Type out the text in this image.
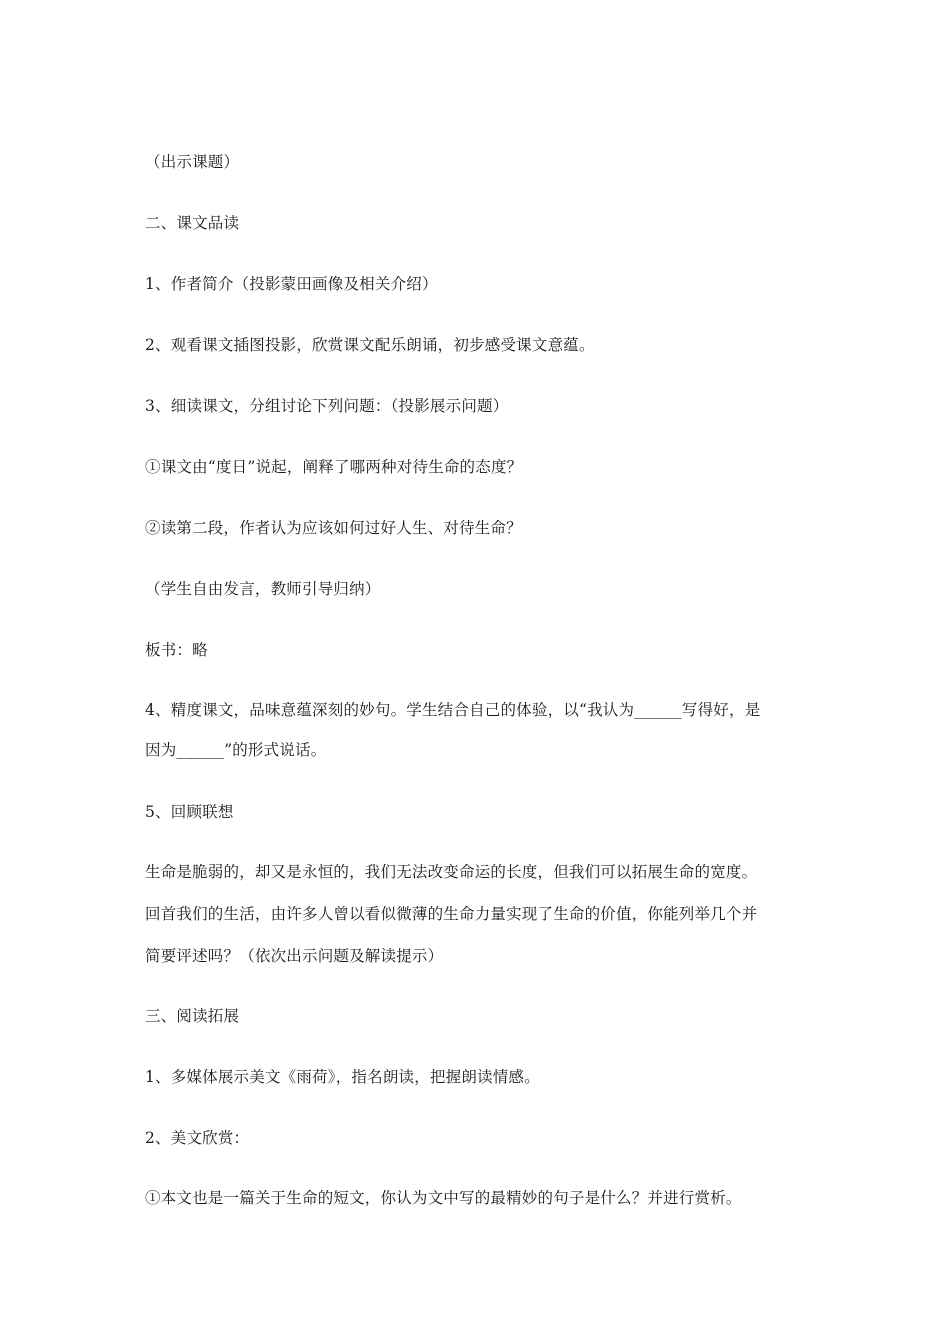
（出示课题）
二、课文品读
1、作者简介（投影蒙田画像及相关介绍）
2、观看课文插图投影，欣赏课文配乐朗诵，初步感受课文意蕴。
3、细读课文，分组讨论下列问题：（投影展示问题）
①课文由“度日”说起，阐释了哪两种对待生命的态度？
②读第二段，作者认为应该如何过好人生、对待生命？
（学生自由发言，教师引导归纳）
板书：略
4、精度课文，品味意蕴深刻的妙句。学生结合自己的体验，以“我认为______写得好，是
因为______”的形式说话。
5、回顾联想
生命是脆弱的，却又是永恒的，我们无法改变命运的长度，但我们可以拓展生命的宽度。
回首我们的生活，由许多人曾以看似微薄的生命力量实现了生命的价值，你能列举几个并
简要评述吗？（依次出示问题及解读提示）
三、阅读拓展
1、多媒体展示美文《雨荷》，指名朗读，把握朗读情感。
2、美文欣赏：
①本文也是一篇关于生命的短文，你认为文中写的最精妙的句子是什么？并进行赏析。
